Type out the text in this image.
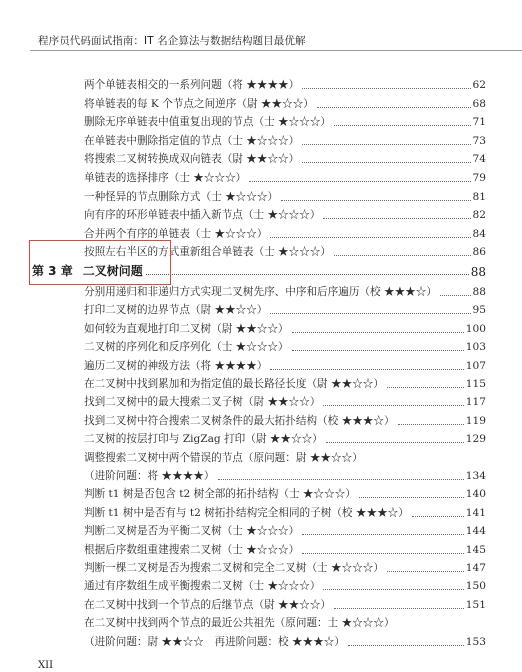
程序员代码面试指南：IT 名企算法与数据结构题目最优解
两个单链表相交的一系列问题（将 ★★★★）	62
将单链表的每 K 个节点之间逆序（尉 ★★☆☆）	68
删除无序单链表中值重复出现的节点（士 ★☆☆☆）	71
在单链表中删除指定值的节点（士 ★☆☆☆）	73
将搜索二叉树转换成双向链表（尉 ★★☆☆）	74
单链表的选择排序（士 ★☆☆☆）	79
一种怪异的节点删除方式（士 ★☆☆☆）	81
向有序的环形单链表中插入新节点（士 ★☆☆☆）	82
合并两个有序的单链表（士 ★☆☆☆）	84
按照左右半区的方式重新组合单链表（士 ★☆☆☆）	86
第 3 章 二叉树问题	88
分别用递归和非递归方式实现二叉树先序、中序和后序遍历（校 ★★★☆）	88
打印二叉树的边界节点（尉 ★★☆☆）	95
如何较为直观地打印二叉树（尉 ★★☆☆）	100
二叉树的序列化和反序列化（士 ★☆☆☆）	103
遍历二叉树的神级方法（将 ★★★★）	107
在二叉树中找到累加和为指定值的最长路径长度（尉 ★★☆☆）	115
找到二叉树中的最大搜索二叉子树（尉 ★★☆☆）	117
找到二叉树中符合搜索二叉树条件的最大拓扑结构（校 ★★★☆）	119
二叉树的按层打印与 ZigZag 打印（尉 ★★☆☆）	129
调整搜索二叉树中两个错误的节点（原问题：尉 ★★☆☆）
（进阶问题：将 ★★★★）	134
判断 t1 树是否包含 t2 树全部的拓扑结构（士 ★☆☆☆）	140
判断 t1 树中是否有与 t2 树拓扑结构完全相同的子树（校 ★★★☆）	141
判断二叉树是否为平衡二叉树（士 ★☆☆☆）	144
根据后序数组重建搜索二叉树（士 ★☆☆☆）	145
判断一棵二叉树是否为搜索二叉树和完全二叉树（士 ★☆☆☆）	147
通过有序数组生成平衡搜索二叉树（士 ★☆☆☆）	150
在二叉树中找到一个节点的后继节点（尉 ★★☆☆）	151
在二叉树中找到两个节点的最近公共祖先（原问题：士 ★☆☆☆）
（进阶问题：尉 ★★☆☆　再进阶问题：校 ★★★☆）	153
XII
